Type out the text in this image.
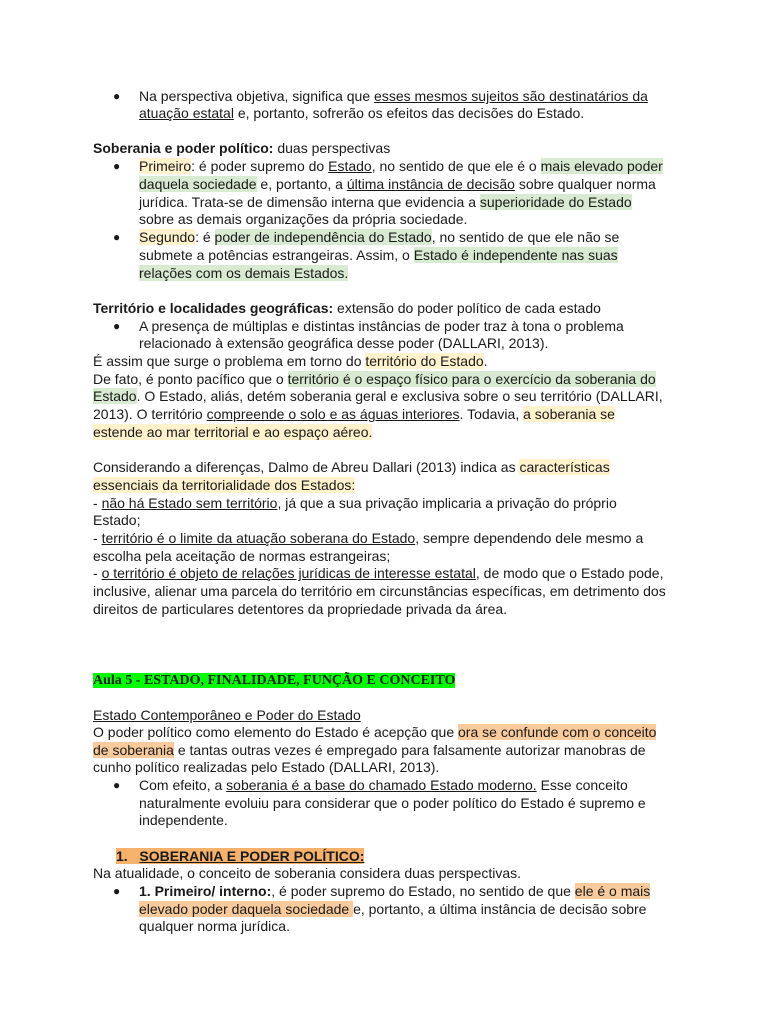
● Na perspectiva objetiva, significa que esses mesmos sujeitos são destinatários da
atuação estatal e, portanto, sofrerão os efeitos das decisões do Estado.
Soberania e poder político: duas perspectivas
● Primeiro: é poder supremo do Estado, no sentido de que ele é o mais elevado poder
daquela sociedade e, portanto, a última instância de decisão sobre qualquer norma
jurídica. Trata-se de dimensão interna que evidencia a superioridade do Estado
sobre as demais organizações da própria sociedade.
● Segundo: é poder de independência do Estado, no sentido de que ele não se
submete a potências estrangeiras. Assim, o Estado é independente nas suas
relações com os demais Estados.
Território e localidades geográficas: extensão do poder político de cada estado
● A presença de múltiplas e distintas instâncias de poder traz à tona o problema
relacionado à extensão geográfica desse poder (DALLARI, 2013).
É assim que surge o problema em torno do território do Estado.
De fato, é ponto pacífico que o território é o espaço físico para o exercício da soberania do
Estado. O Estado, aliás, detém soberania geral e exclusiva sobre o seu território (DALLARI,
2013). O território compreende o solo e as águas interiores. Todavia, a soberania se
estende ao mar territorial e ao espaço aéreo.
Considerando a diferenças, Dalmo de Abreu Dallari (2013) indica as características
essenciais da territorialidade dos Estados:
- não há Estado sem território, já que a sua privação implicaria a privação do próprio
Estado;
- território é o limite da atuação soberana do Estado, sempre dependendo dele mesmo a
escolha pela aceitação de normas estrangeiras;
- o território é objeto de relações jurídicas de interesse estatal, de modo que o Estado pode,
inclusive, alienar uma parcela do território em circunstâncias específicas, em detrimento dos
direitos de particulares detentores da propriedade privada da área.
Aula 5 - ESTADO, FINALIDADE, FUNÇÃO E CONCEITO
Estado Contemporâneo e Poder do Estado
O poder político como elemento do Estado é acepção que ora se confunde com o conceito
de soberania e tantas outras vezes é empregado para falsamente autorizar manobras de
cunho político realizadas pelo Estado (DALLARI, 2013).
● Com efeito, a soberania é a base do chamado Estado moderno. Esse conceito
naturalmente evoluiu para considerar que o poder político do Estado é supremo e
independente.
1. SOBERANIA E PODER POLÍTICO:
Na atualidade, o conceito de soberania considera duas perspectivas.
● 1. Primeiro/ interno:, é poder supremo do Estado, no sentido de que ele é o mais
elevado poder daquela sociedade e, portanto, a última instância de decisão sobre
qualquer norma jurídica.
